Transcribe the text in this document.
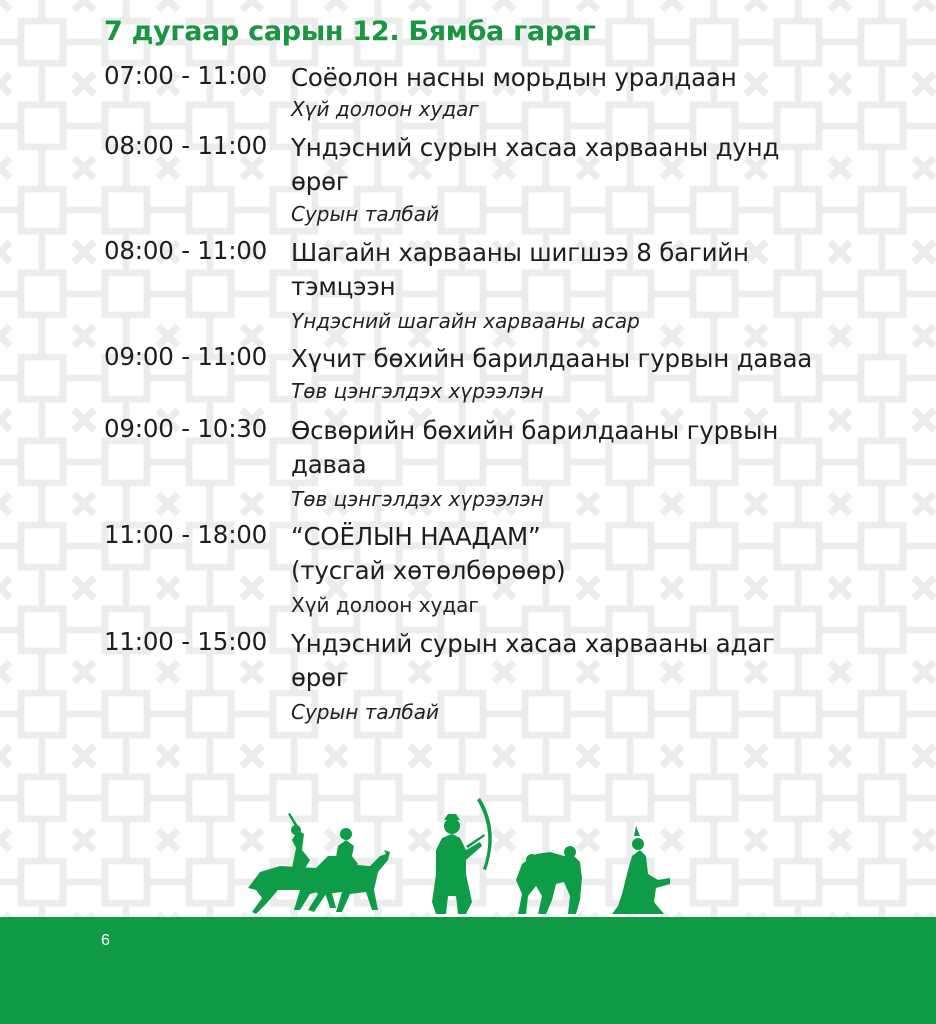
7 дугаар сарын 12. Бямба гараг
07:00 - 11:00 Соёолон насны морьдын уралдаан
Хүй долоон худаг
08:00 - 11:00 Үндэсний сурын хасаа харвааны дунд
өрөг
Сурын талбай
08:00 - 11:00 Шагайн харвааны шигшээ 8 багийн
тэмцээн
Үндэсний шагайн харвааны асар
09:00 - 11:00 Хүчит бөхийн барилдааны гурвын даваа
Төв цэнгэлдэх хүрээлэн
09:00 - 10:30 Өсвөрийн бөхийн барилдааны гурвын
даваа
Төв цэнгэлдэх хүрээлэн
11:00 - 18:00 “СОЁЛЫН НААДАМ”
(тусгай хөтөлбөрөөр)
Хүй долоон худаг
11:00 - 15:00 Үндэсний сурын хасаа харвааны адаг
өрөг
Сурын талбай
6
